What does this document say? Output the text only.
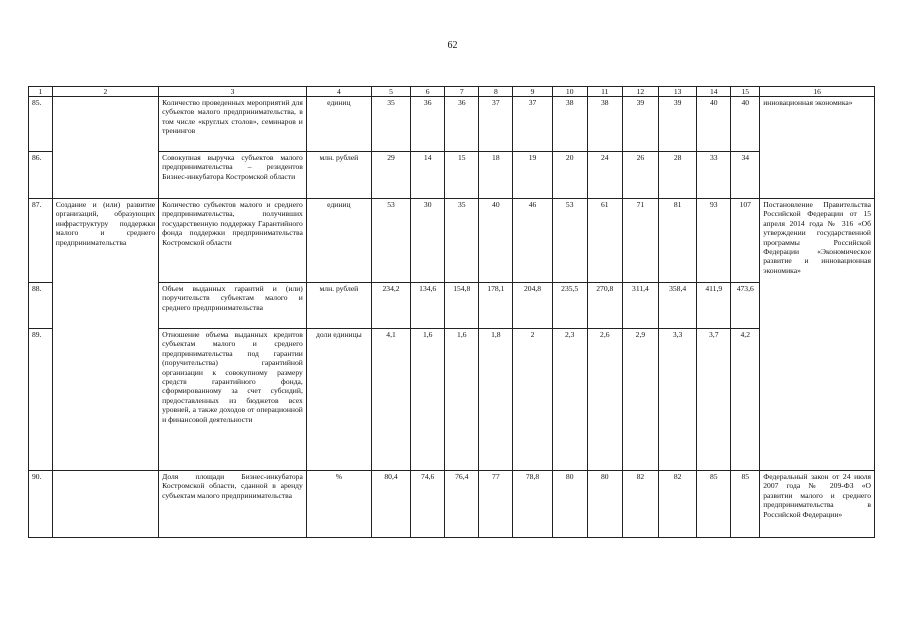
62
1	2	3	4	5	6	7	8	9	10	11	12	13	14	15	16
85.		Количество проведенных мероприятий для субъектов малого предпринимательства, в том числе «круглых столов», семинаров и тренингов	единиц	35	36	36	37	37	38	38	39	39	40	40	инновационная экономика»
86.		Совокупная выручка субъектов малого предпринимательства – резидентов Бизнес-инкубатора Костромской области	млн. рублей	29	14	15	18	19	20	24	26	28	33	34	
87.	Создание и (или) развитие организаций, образующих инфраструктуру поддержки малого и среднего предпринимательства	Количество субъектов малого и среднего предпринимательства, получивших государственную поддержку Гарантийного фонда поддержки предпринимательства Костромской области	единиц	53	30	35	40	46	53	61	71	81	93	107	Постановление Правительства Российской Федерации от 15 апреля 2014 года № 316 «Об утверждении государственной программы Российской Федерации «Экономическое развитие и инновационная экономика»
88.		Объем выданных гарантий и (или) поручительств субъектам малого и среднего предпринимательства	млн. рублей	234,2	134,6	154,8	178,1	204,8	235,5	270,8	311,4	358,4	411,9	473,6	
89.		Отношение объема выданных кредитов субъектам малого и среднего предпринимательства под гарантии (поручительства) гарантийной организации к совокупному размеру средств гарантийного фонда, сформированному за счет субсидий, предоставленных из бюджетов всех уровней, а также доходов от операционной и финансовой деятельности	доли единицы	4,1	1,6	1,6	1,8	2	2,3	2,6	2,9	3,3	3,7	4,2	
90.		Доля площади Бизнес-инкубатора Костромской области, сданной в аренду субъектам малого предпринимательства	%	80,4	74,6	76,4	77	78,8	80	80	82	82	85	85	Федеральный закон от 24 июля 2007 года № 209-ФЗ «О развитии малого и среднего предпринимательства в Российской Федерации»
